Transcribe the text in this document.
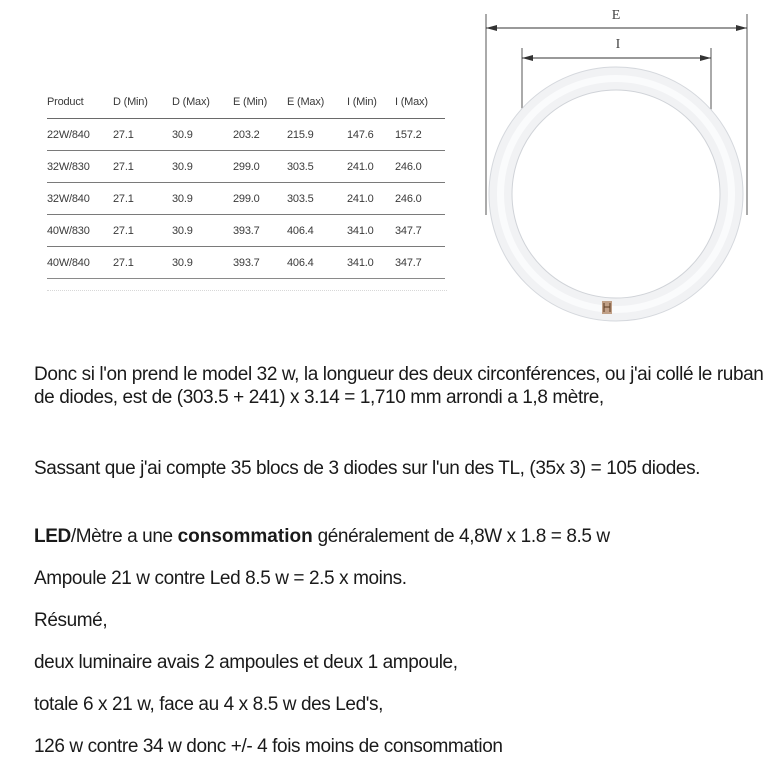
Product	D (Min)	D (Max)	E (Min)	E (Max)	I (Min)	I (Max)
22W/840	27.1	30.9	203.2	215.9	147.6	157.2
32W/830	27.1	30.9	299.0	303.5	241.0	246.0
32W/840	27.1	30.9	299.0	303.5	241.0	246.0
40W/830	27.1	30.9	393.7	406.4	341.0	347.7
40W/840	27.1	30.9	393.7	406.4	341.0	347.7
E
I

Donc si l'on prend le model 32 w, la longueur des deux circonférences, ou j'ai collé le ruban de diodes, est de (303.5 + 241) x 3.14 = 1,710 mm arrondi a 1,8 mètre,

Sassant que j'ai compte 35 blocs de 3 diodes sur l'un des TL, (35x 3) = 105 diodes.

LED/Mètre a une consommation généralement de 4,8W x 1.8 = 8.5 w

Ampoule 21 w contre Led 8.5 w = 2.5 x moins.

Résumé,

deux luminaire avais 2 ampoules et deux 1 ampoule,

totale 6 x 21 w, face au 4 x 8.5 w des Led's,

126 w contre 34 w donc +/- 4 fois moins de consommation
